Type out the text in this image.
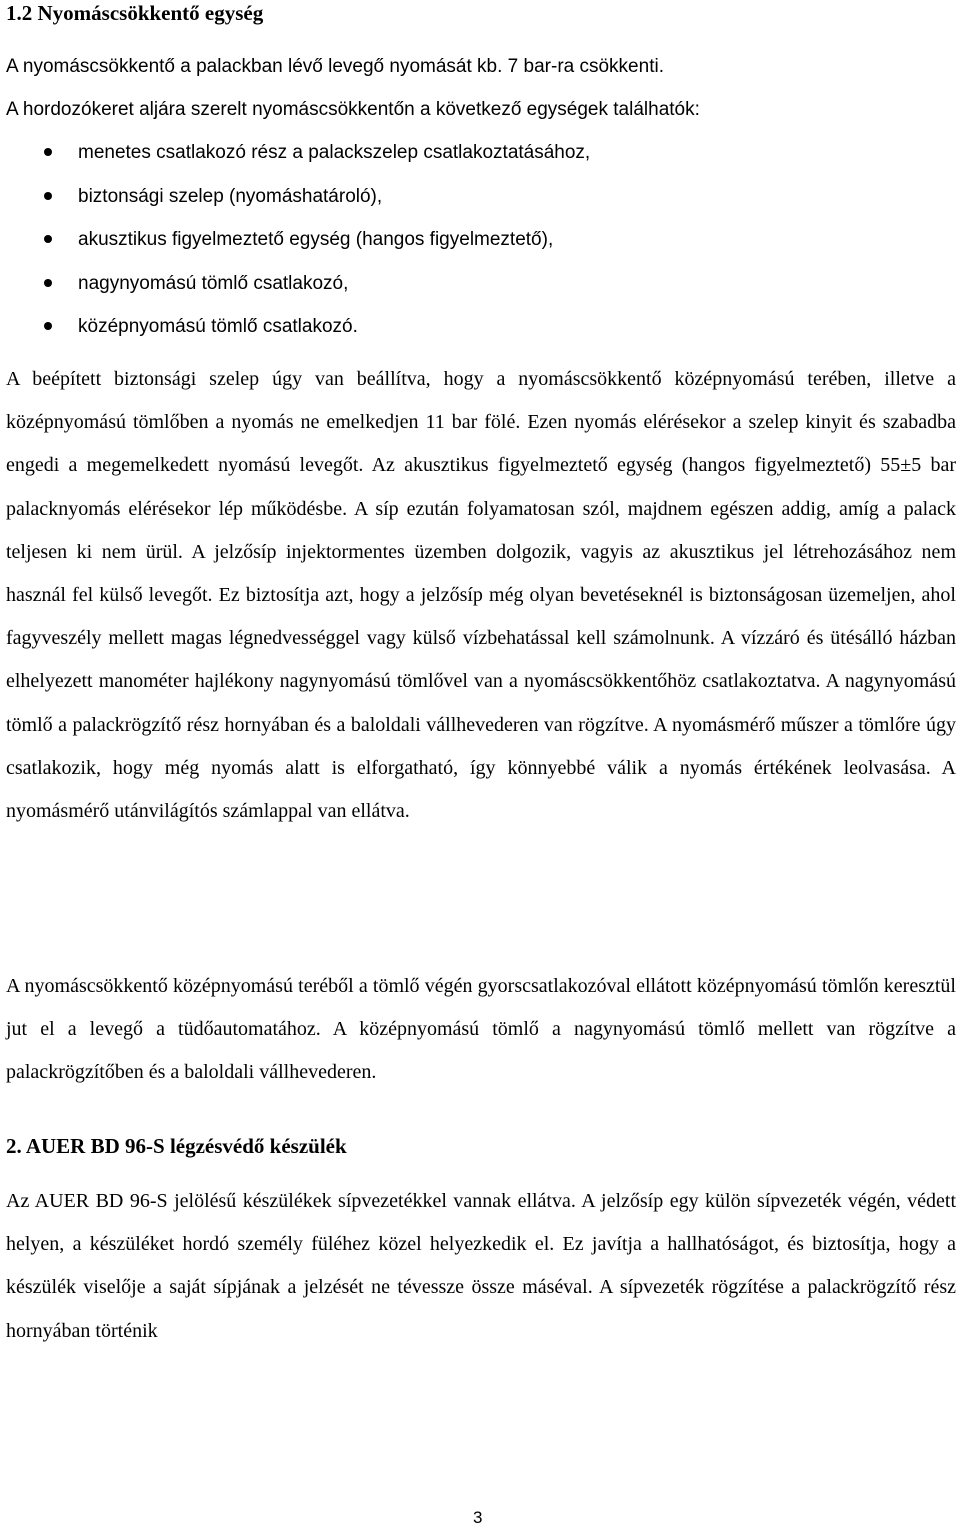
1.2 Nyomáscsökkentő egység

A nyomáscsökkentő a palackban lévő levegő nyomását kb. 7 bar-ra csökkenti.

A hordozókeret aljára szerelt nyomáscsökkentőn a következő egységek találhatók:

menetes csatlakozó rész a palackszelep csatlakoztatásához,
biztonsági szelep (nyomáshatároló),
akusztikus figyelmeztető egység (hangos figyelmeztető),
nagynyomású tömlő csatlakozó,
középnyomású tömlő csatlakozó.

A beépített biztonsági szelep úgy van beállítva, hogy a nyomáscsökkentő középnyomású terében, illetve a középnyomású tömlőben a nyomás ne emelkedjen 11 bar fölé. Ezen nyomás elérésekor a szelep kinyit és szabadba engedi a megemelkedett nyomású levegőt. Az akusztikus figyelmeztető egység (hangos figyelmeztető) 55±5 bar palacknyomás elérésekor lép működésbe. A síp ezután folyamatosan szól, majdnem egészen addig, amíg a palack teljesen ki nem ürül. A jelzősíp injektormentes üzemben dolgozik, vagyis az akusztikus jel létrehozásához nem használ fel külső levegőt. Ez biztosítja azt, hogy a jelzősíp még olyan bevetéseknél is biztonságosan üzemeljen, ahol fagyveszély mellett magas légnedvességgel vagy külső vízbehatással kell számolnunk. A vízzáró és ütésálló házban elhelyezett manométer hajlékony nagynyomású tömlővel van a nyomáscsökkentőhöz csatlakoztatva. A nagynyomású tömlő a palackrögzítő rész hornyában és a baloldali vállhevederen van rögzítve. A nyomásmérő műszer a tömlőre úgy csatlakozik, hogy még nyomás alatt is elforgatható, így könnyebbé válik a nyomás értékének leolvasása. A nyomásmérő utánvilágítós számlappal van ellátva.

A nyomáscsökkentő középnyomású teréből a tömlő végén gyorscsatlakozóval ellátott középnyomású tömlőn keresztül jut el a levegő a tüdőautomatához. A középnyomású tömlő a nagynyomású tömlő mellett van rögzítve a palackrögzítőben és a baloldali vállhevederen.

2. AUER BD 96-S légzésvédő készülék

Az AUER BD 96-S jelölésű készülékek sípvezetékkel vannak ellátva. A jelzősíp egy külön sípvezeték végén, védett helyen, a készüléket hordó személy füléhez közel helyezkedik el. Ez javítja a hallhatóságot, és biztosítja, hogy a készülék viselője a saját sípjának a jelzését ne tévessze össze máséval. A sípvezeték rögzítése a palackrögzítő rész hornyában történik

3
